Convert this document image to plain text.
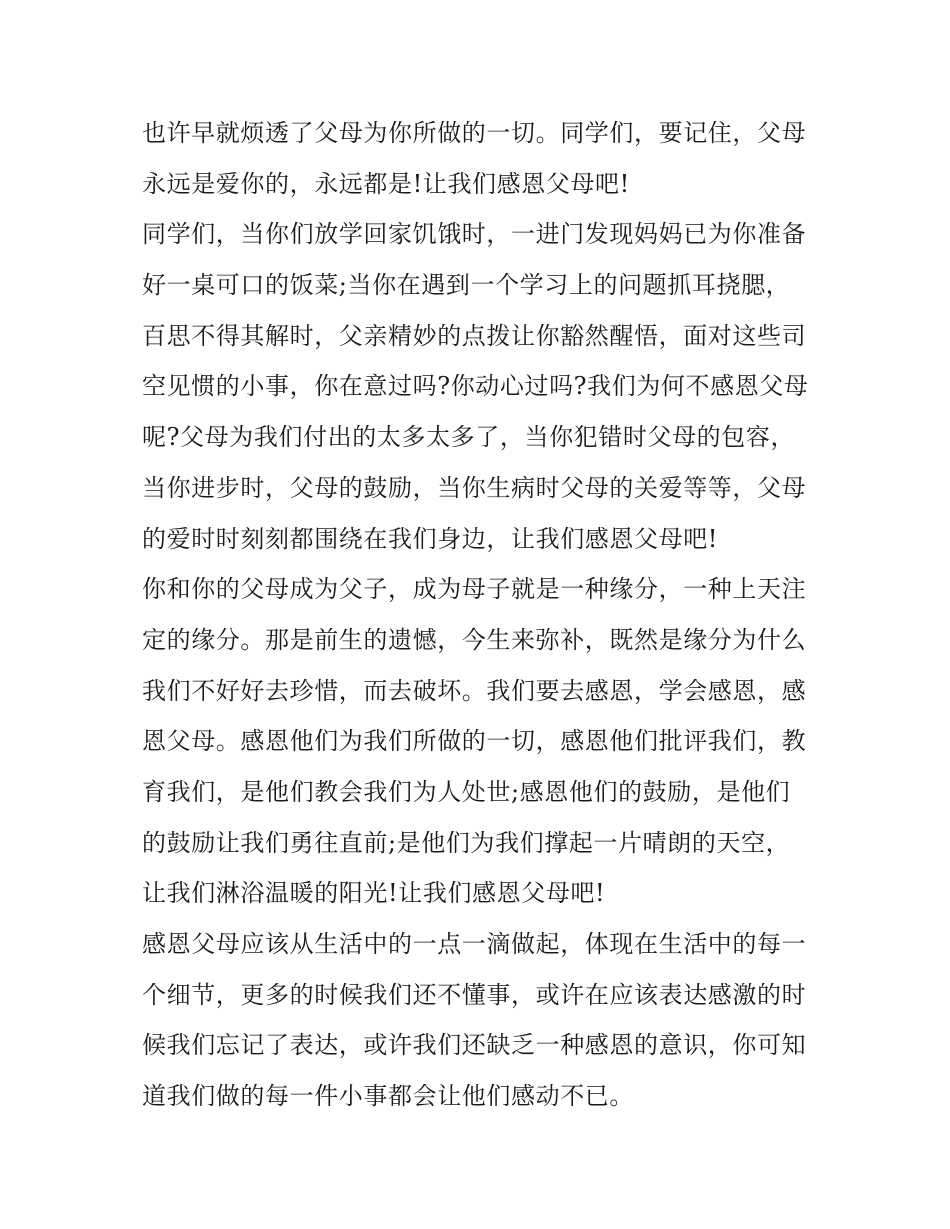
也许早就烦透了父母为你所做的一切。同学们，要记住，父母
永远是爱你的，永远都是!让我们感恩父母吧!
同学们，当你们放学回家饥饿时，一进门发现妈妈已为你准备
好一桌可口的饭菜;当你在遇到一个学习上的问题抓耳挠腮，
百思不得其解时，父亲精妙的点拨让你豁然醒悟，面对这些司
空见惯的小事，你在意过吗?你动心过吗?我们为何不感恩父母
呢?父母为我们付出的太多太多了，当你犯错时父母的包容，
当你进步时，父母的鼓励，当你生病时父母的关爱等等，父母
的爱时时刻刻都围绕在我们身边，让我们感恩父母吧!
你和你的父母成为父子，成为母子就是一种缘分，一种上天注
定的缘分。那是前生的遗憾，今生来弥补，既然是缘分为什么
我们不好好去珍惜，而去破坏。我们要去感恩，学会感恩，感
恩父母。感恩他们为我们所做的一切，感恩他们批评我们，教
育我们，是他们教会我们为人处世;感恩他们的鼓励，是他们
的鼓励让我们勇往直前;是他们为我们撑起一片晴朗的天空，
让我们淋浴温暖的阳光!让我们感恩父母吧!
感恩父母应该从生活中的一点一滴做起，体现在生活中的每一
个细节，更多的时候我们还不懂事，或许在应该表达感激的时
候我们忘记了表达，或许我们还缺乏一种感恩的意识，你可知
道我们做的每一件小事都会让他们感动不已。
